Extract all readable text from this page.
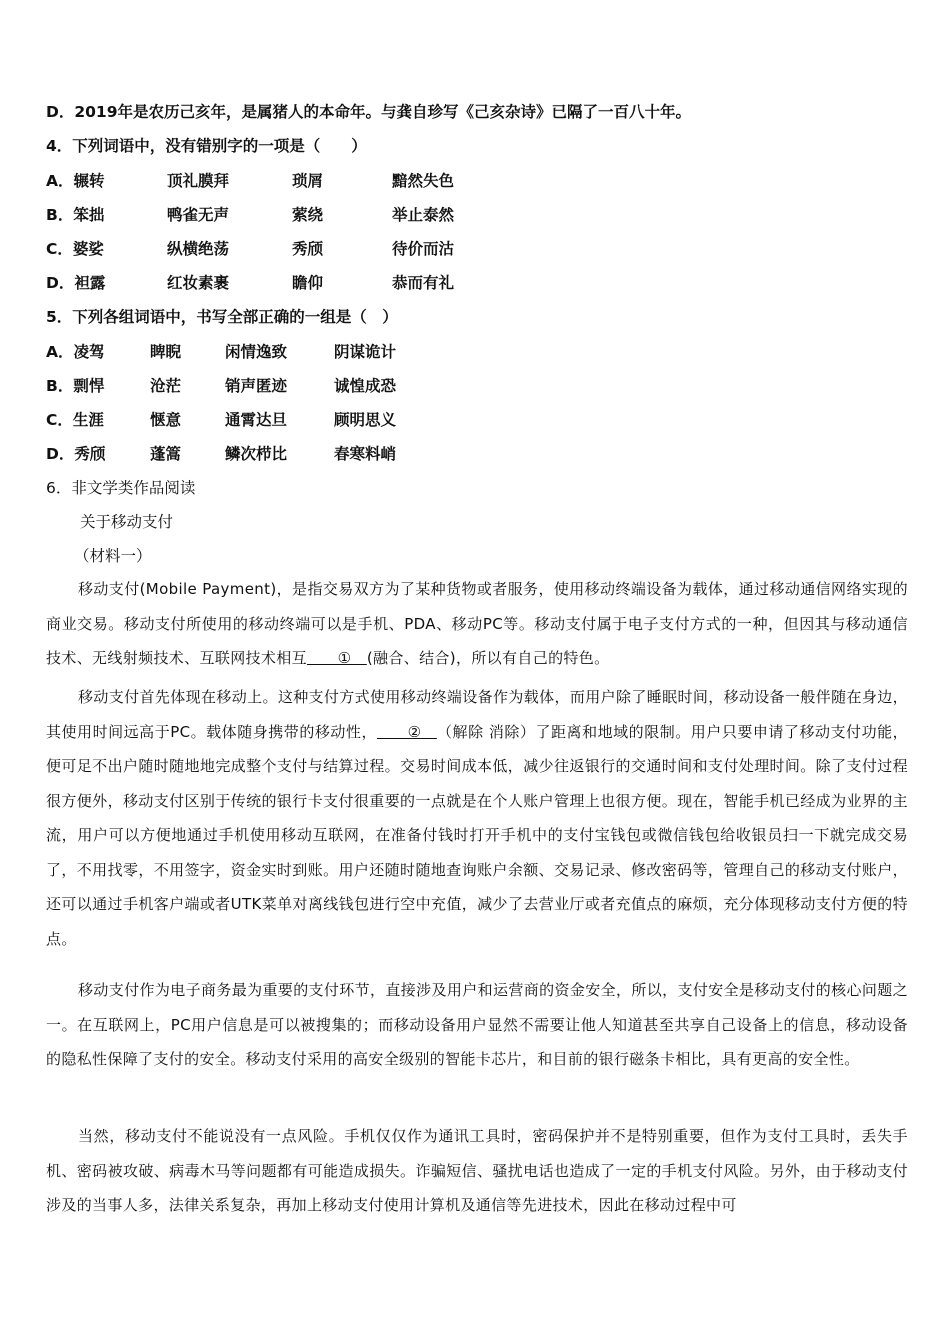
D．2019年是农历己亥年，是属猪人的本命年。与龚自珍写《己亥杂诗》已隔了一百八十年。
4．下列词语中，没有错别字的一项是（　　）
A．辗转	顶礼膜拜	琐屑	黯然失色
B．笨拙	鸭雀无声	萦绕	举止泰然
C．婆娑	纵横绝荡	秀颀	待价而沽
D．袒露	红妆素裹	瞻仰	恭而有礼
5．下列各组词语中，书写全部正确的一组是（　）
A．凌驾	睥睨	闲情逸致	阴谋诡计
B．剽悍	沧茫	销声匿迹	诚惶成恐
C．生涯	惬意	通霄达旦	顾明思义
D．秀颀	蓬篙	鳞次栉比	春寒料峭
6．非文学类作品阅读
关于移动支付
（材料一）

移动支付(Mobile Payment)，是指交易双方为了某种货物或者服务，使用移动终端设备为载体，通过移动通信网络实现的商业交易。移动支付所使用的移动终端可以是手机、PDA、移动PC等。移动支付属于电子支付方式的一种，但因其与移动通信技术、无线射频技术、互联网技术相互　　①　(融合、结合)，所以有自己的特色。

移动支付首先体现在移动上。这种支付方式使用移动终端设备作为载体，而用户除了睡眠时间，移动设备一般伴随在身边，其使用时间远高于PC。载体随身携带的移动性，　　②　（解除 消除）了距离和地域的限制。用户只要申请了移动支付功能，便可足不出户随时随地地完成整个支付与结算过程。交易时间成本低，减少往返银行的交通时间和支付处理时间。除了支付过程很方便外，移动支付区别于传统的银行卡支付很重要的一点就是在个人账户管理上也很方便。现在，智能手机已经成为业界的主流，用户可以方便地通过手机使用移动互联网，在准备付钱时打开手机中的支付宝钱包或微信钱包给收银员扫一下就完成交易了，不用找零，不用签字，资金实时到账。用户还随时随地查询账户余额、交易记录、修改密码等，管理自己的移动支付账户，还可以通过手机客户端或者UTK菜单对离线钱包进行空中充值，减少了去营业厅或者充值点的麻烦，充分体现移动支付方便的特点。

移动支付作为电子商务最为重要的支付环节，直接涉及用户和运营商的资金安全，所以，支付安全是移动支付的核心问题之一。在互联网上，PC用户信息是可以被搜集的；而移动设备用户显然不需要让他人知道甚至共享自己设备上的信息，移动设备的隐私性保障了支付的安全。移动支付采用的高安全级别的智能卡芯片，和目前的银行磁条卡相比，具有更高的安全性。

当然，移动支付不能说没有一点风险。手机仅仅作为通讯工具时，密码保护并不是特别重要，但作为支付工具时，丢失手机、密码被攻破、病毒木马等问题都有可能造成损失。诈骗短信、骚扰电话也造成了一定的手机支付风险。另外，由于移动支付涉及的当事人多，法律关系复杂，再加上移动支付使用计算机及通信等先进技术，因此在移动过程中可
